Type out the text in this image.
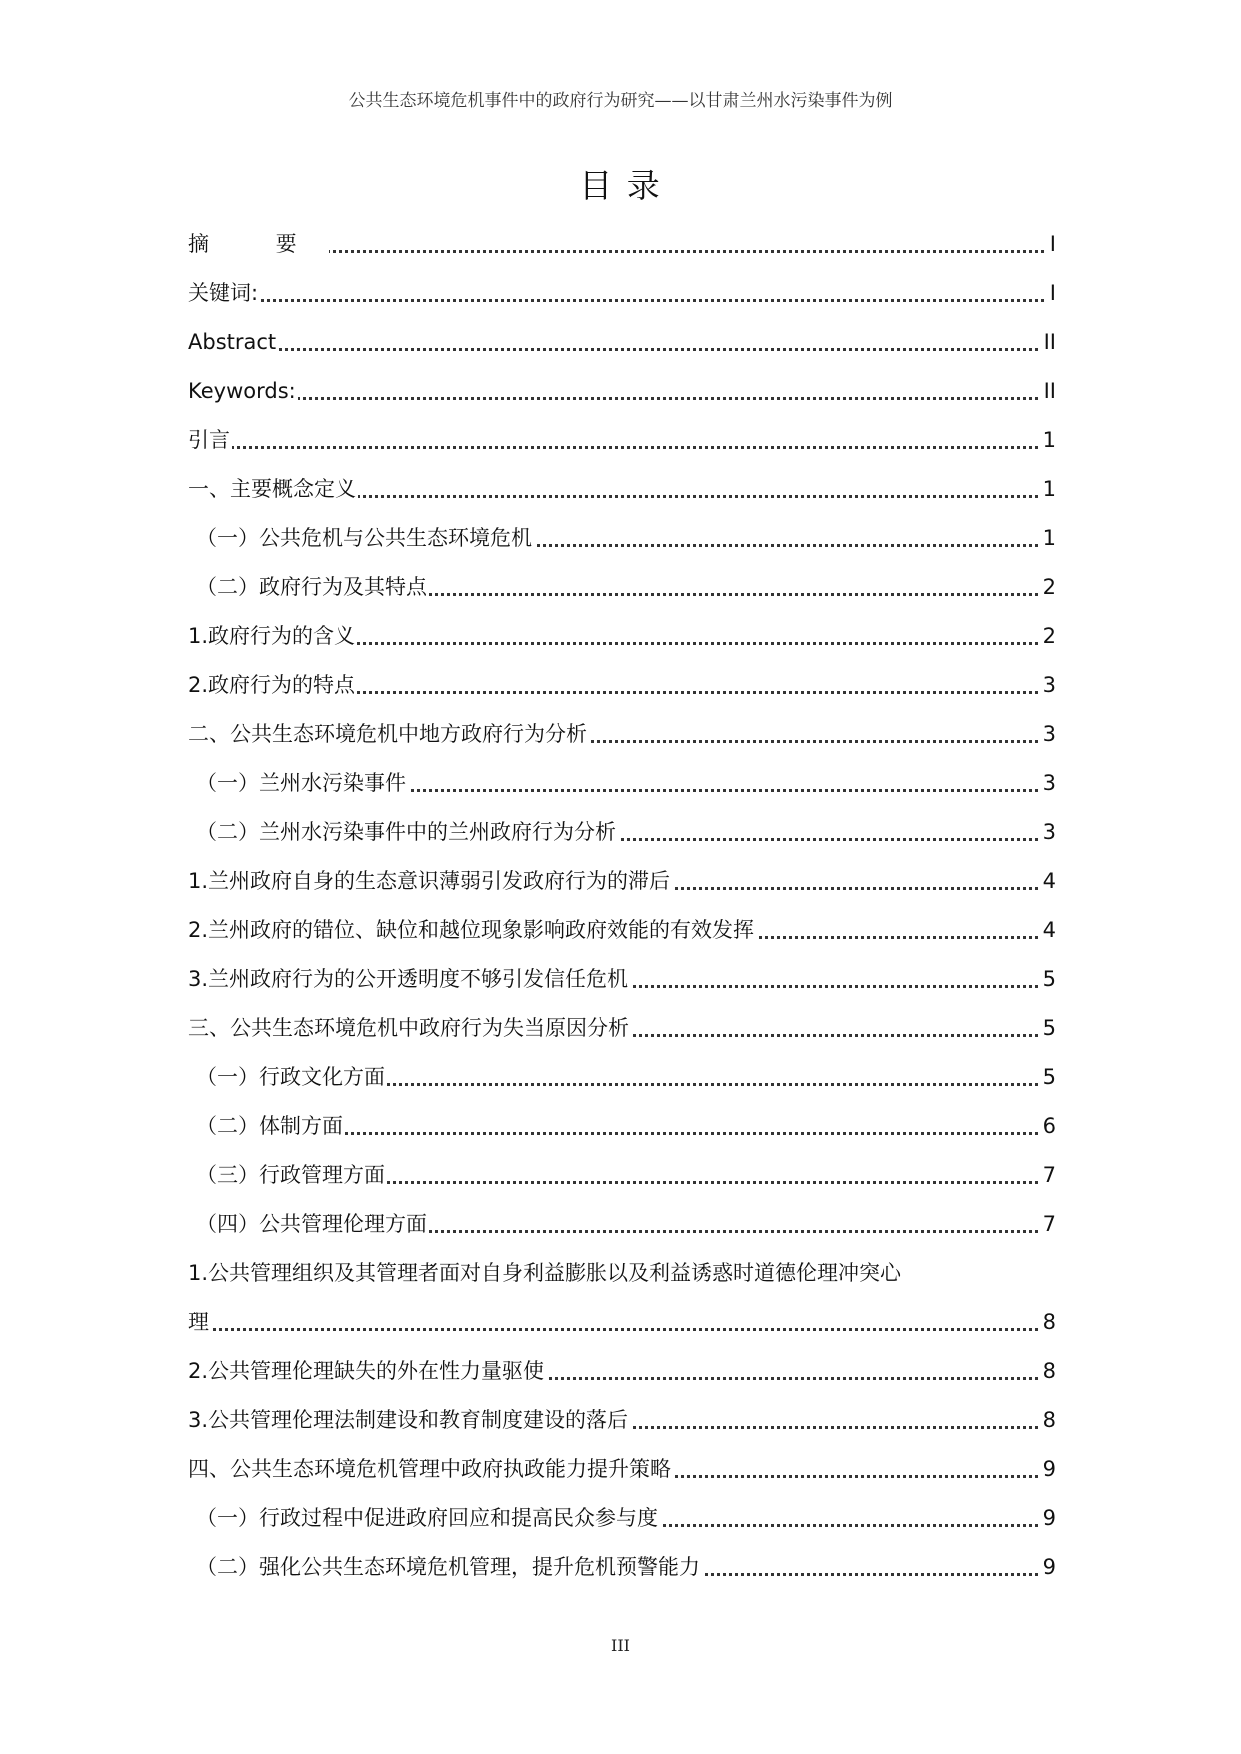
公共生态环境危机事件中的政府行为研究——以甘肃兰州水污染事件为例
目 录
摘 要	I
关键词:	I
Abstract	II
Keywords:	II
引言	1
一、主要概念定义	1
（一）公共危机与公共生态环境危机	1
（二）政府行为及其特点	2
1.政府行为的含义	2
2.政府行为的特点	3
二、公共生态环境危机中地方政府行为分析	3
（一）兰州水污染事件	3
（二）兰州水污染事件中的兰州政府行为分析	3
1.兰州政府自身的生态意识薄弱引发政府行为的滞后	4
2.兰州政府的错位、缺位和越位现象影响政府效能的有效发挥	4
3.兰州政府行为的公开透明度不够引发信任危机	5
三、公共生态环境危机中政府行为失当原因分析	5
（一）行政文化方面	5
（二）体制方面	6
（三）行政管理方面	7
（四）公共管理伦理方面	7
1.公共管理组织及其管理者面对自身利益膨胀以及利益诱惑时道德伦理冲突心
理	8
2.公共管理伦理缺失的外在性力量驱使	8
3.公共管理伦理法制建设和教育制度建设的落后	8
四、公共生态环境危机管理中政府执政能力提升策略	9
（一）行政过程中促进政府回应和提高民众参与度	9
（二）强化公共生态环境危机管理，提升危机预警能力	9
III
